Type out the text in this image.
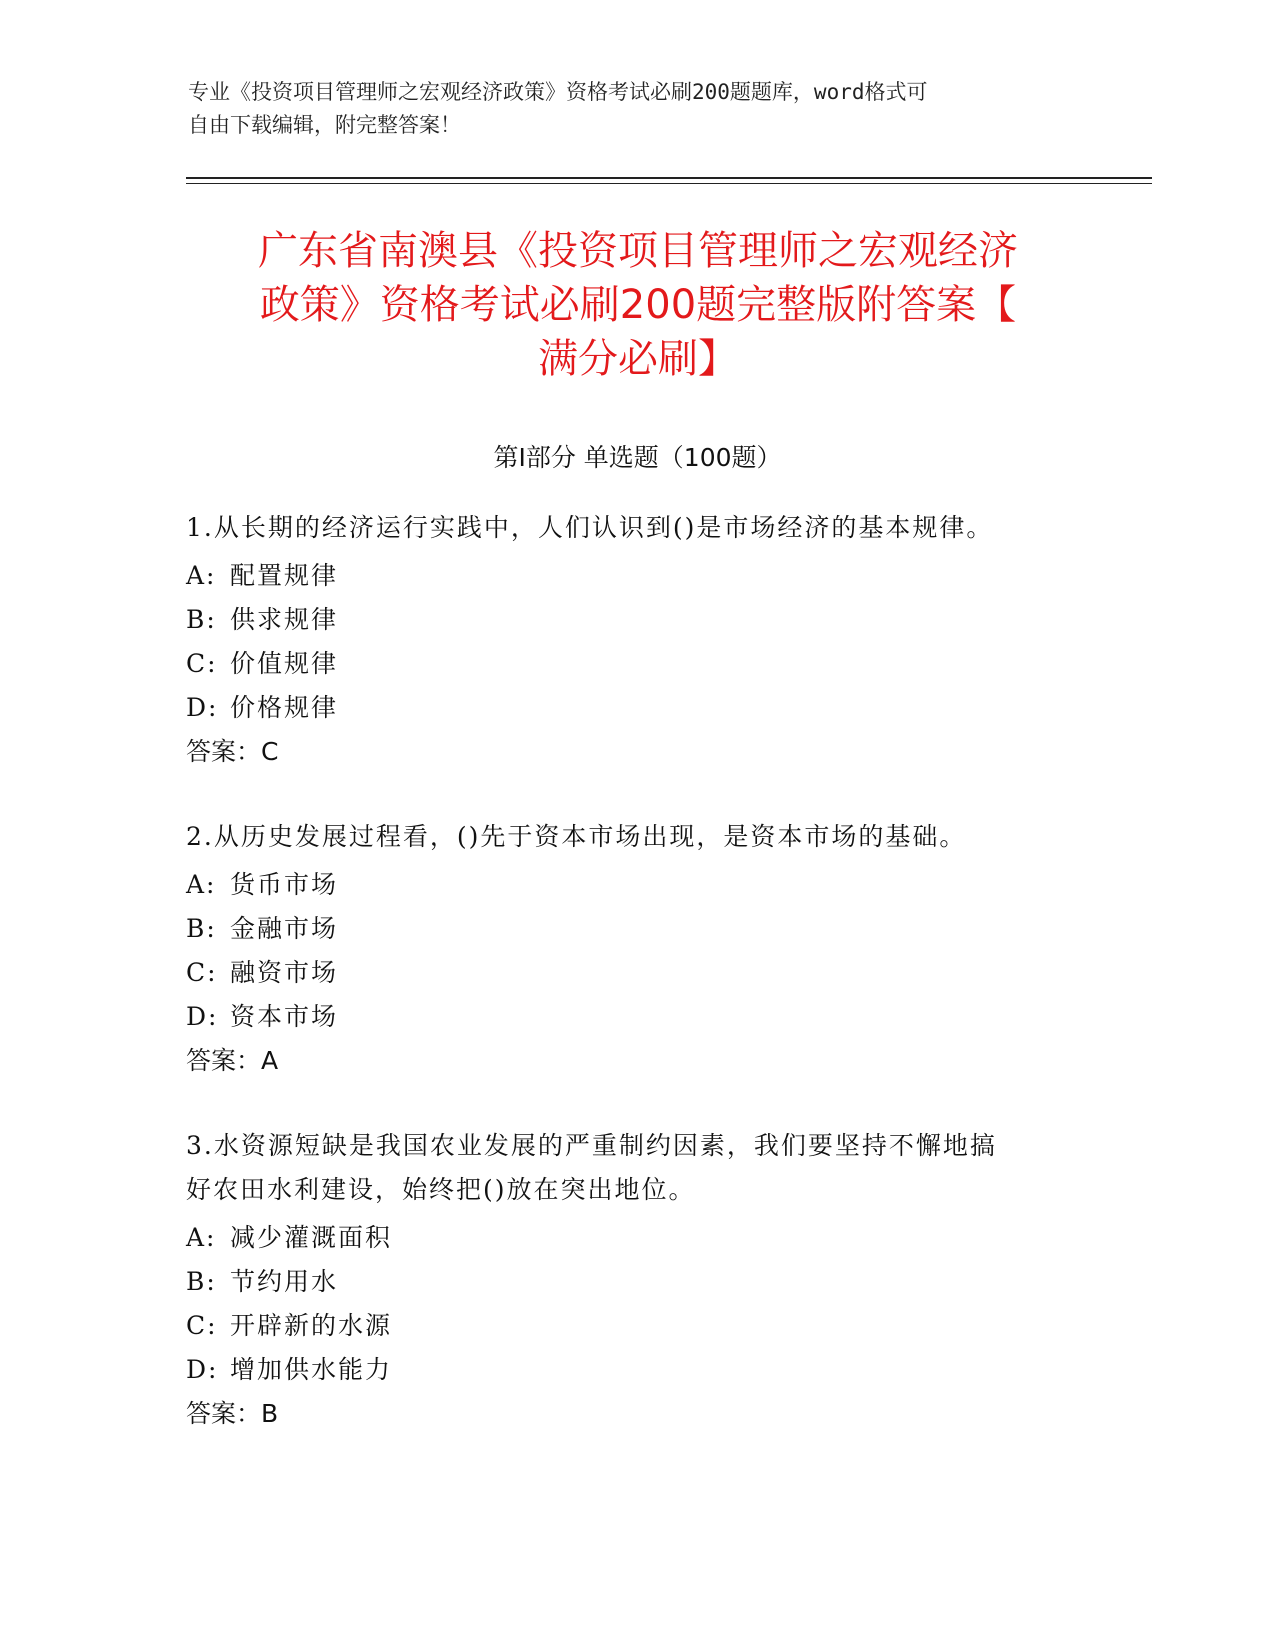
专业《投资项目管理师之宏观经济政策》资格考试必刷200题题库，word格式可
自由下载编辑，附完整答案！
广东省南澳县《投资项目管理师之宏观经济
政策》资格考试必刷200题完整版附答案【
满分必刷】
第Ⅰ部分 单选题（100题）
1.从长期的经济运行实践中，人们认识到()是市场经济的基本规律。
A: 配置规律
B: 供求规律
C: 价值规律
D: 价格规律
答案：C
2.从历史发展过程看，()先于资本市场出现，是资本市场的基础。
A: 货币市场
B: 金融市场
C: 融资市场
D: 资本市场
答案：A
3.水资源短缺是我国农业发展的严重制约因素，我们要坚持不懈地搞
好农田水利建设，始终把()放在突出地位。
A: 减少灌溉面积
B: 节约用水
C: 开辟新的水源
D: 增加供水能力
答案：B
